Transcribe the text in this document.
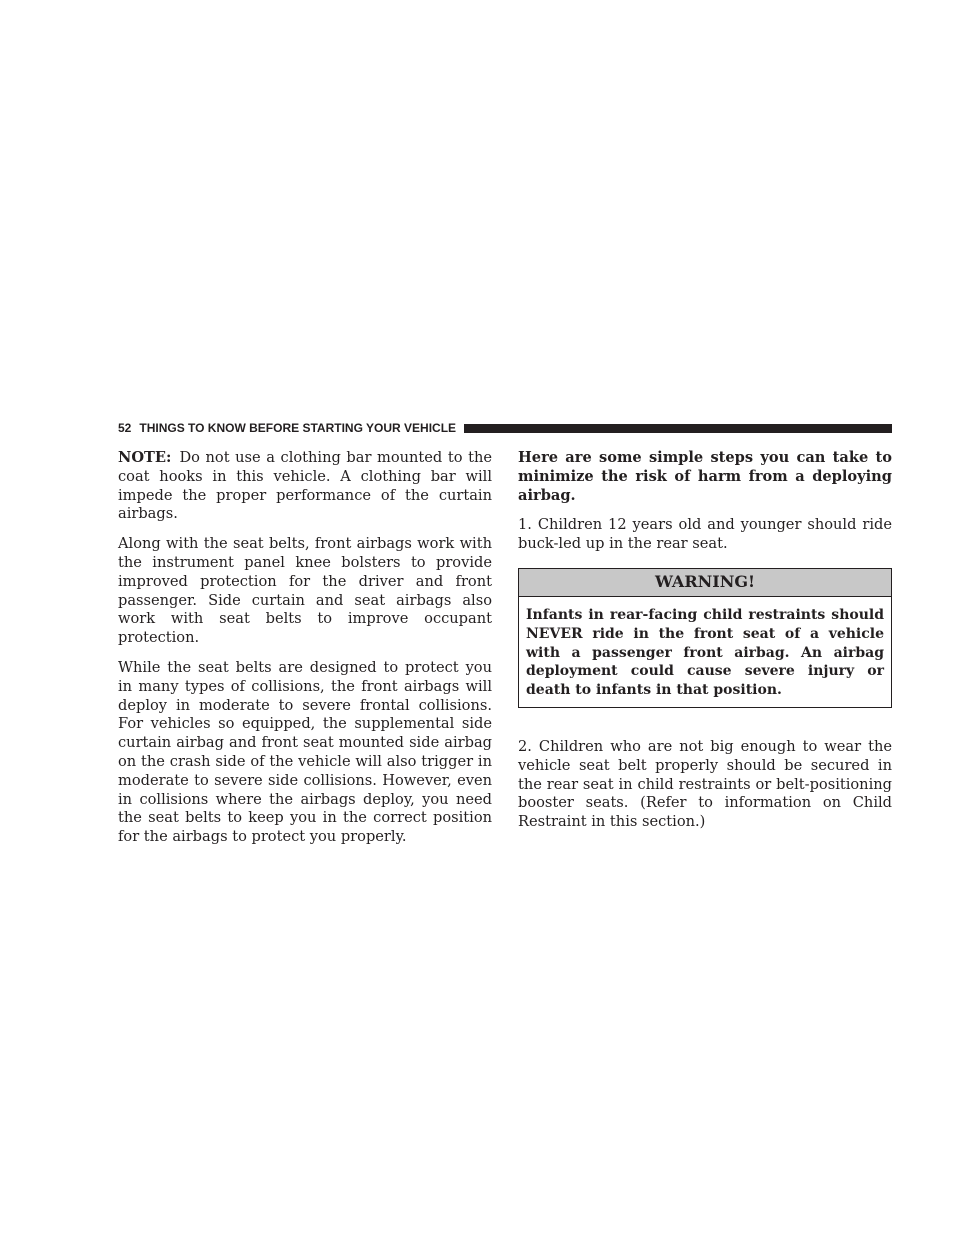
52 THINGS TO KNOW BEFORE STARTING YOUR VEHICLE

NOTE: Do not use a clothing bar mounted to the coat hooks in this vehicle. A clothing bar will impede the proper performance of the curtain airbags.

Along with the seat belts, front airbags work with the instrument panel knee bolsters to provide improved protection for the driver and front passenger. Side curtain and seat airbags also work with seat belts to improve occupant protection.

While the seat belts are designed to protect you in many types of collisions, the front airbags will deploy in moderate to severe frontal collisions. For vehicles so equipped, the supplemental side curtain airbag and front seat mounted side airbag on the crash side of the vehicle will also trigger in moderate to severe side collisions. However, even in collisions where the airbags deploy, you need the seat belts to keep you in the correct position for the airbags to protect you properly.

Here are some simple steps you can take to minimize the risk of harm from a deploying airbag.

1. Children 12 years old and younger should ride buck-led up in the rear seat.

WARNING!
Infants in rear-facing child restraints should NEVER ride in the front seat of a vehicle with a passenger front airbag. An airbag deployment could cause severe injury or death to infants in that position.

2. Children who are not big enough to wear the vehicle seat belt properly should be secured in the rear seat in child restraints or belt-positioning booster seats. (Refer to information on Child Restraint in this section.)
